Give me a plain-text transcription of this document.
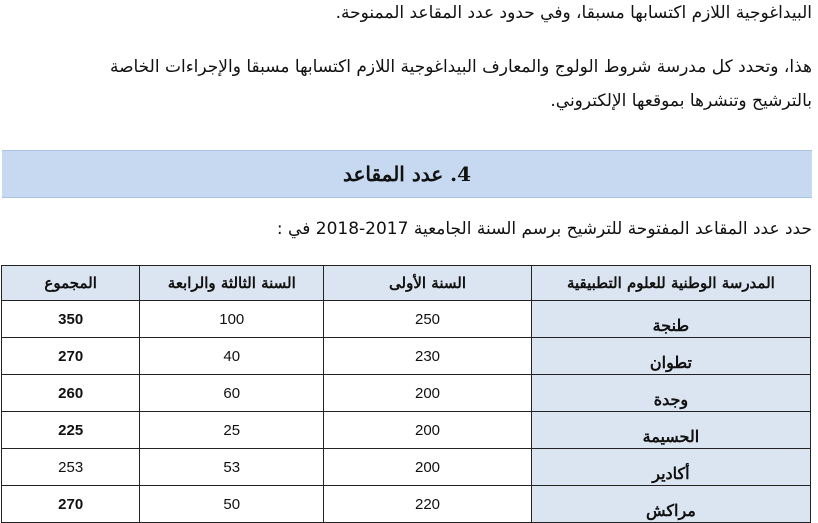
البيداغوجية اللازم اكتسابها مسبقا، وفي حدود عدد المقاعد الممنوحة.
هذا، وتحدد كل مدرسة شروط الولوج والمعارف البيداغوجية اللازم اكتسابها مسبقا والإجراءات الخاصة
بالترشيح وتنشرها بموقعها الإلكتروني.
4. عدد المقاعد
حدد عدد المقاعد المفتوحة للترشيح برسم السنة الجامعية 2017-2018 في :
المدرسة الوطنية للعلوم التطبيقية	السنة الأولى	السنة الثالثة والرابعة	المجموع
طنجة	250	100	350
تطوان	230	40	270
وجدة	200	60	260
الحسيمة	200	25	225
أكادير	200	53	253
مراكش	220	50	270
